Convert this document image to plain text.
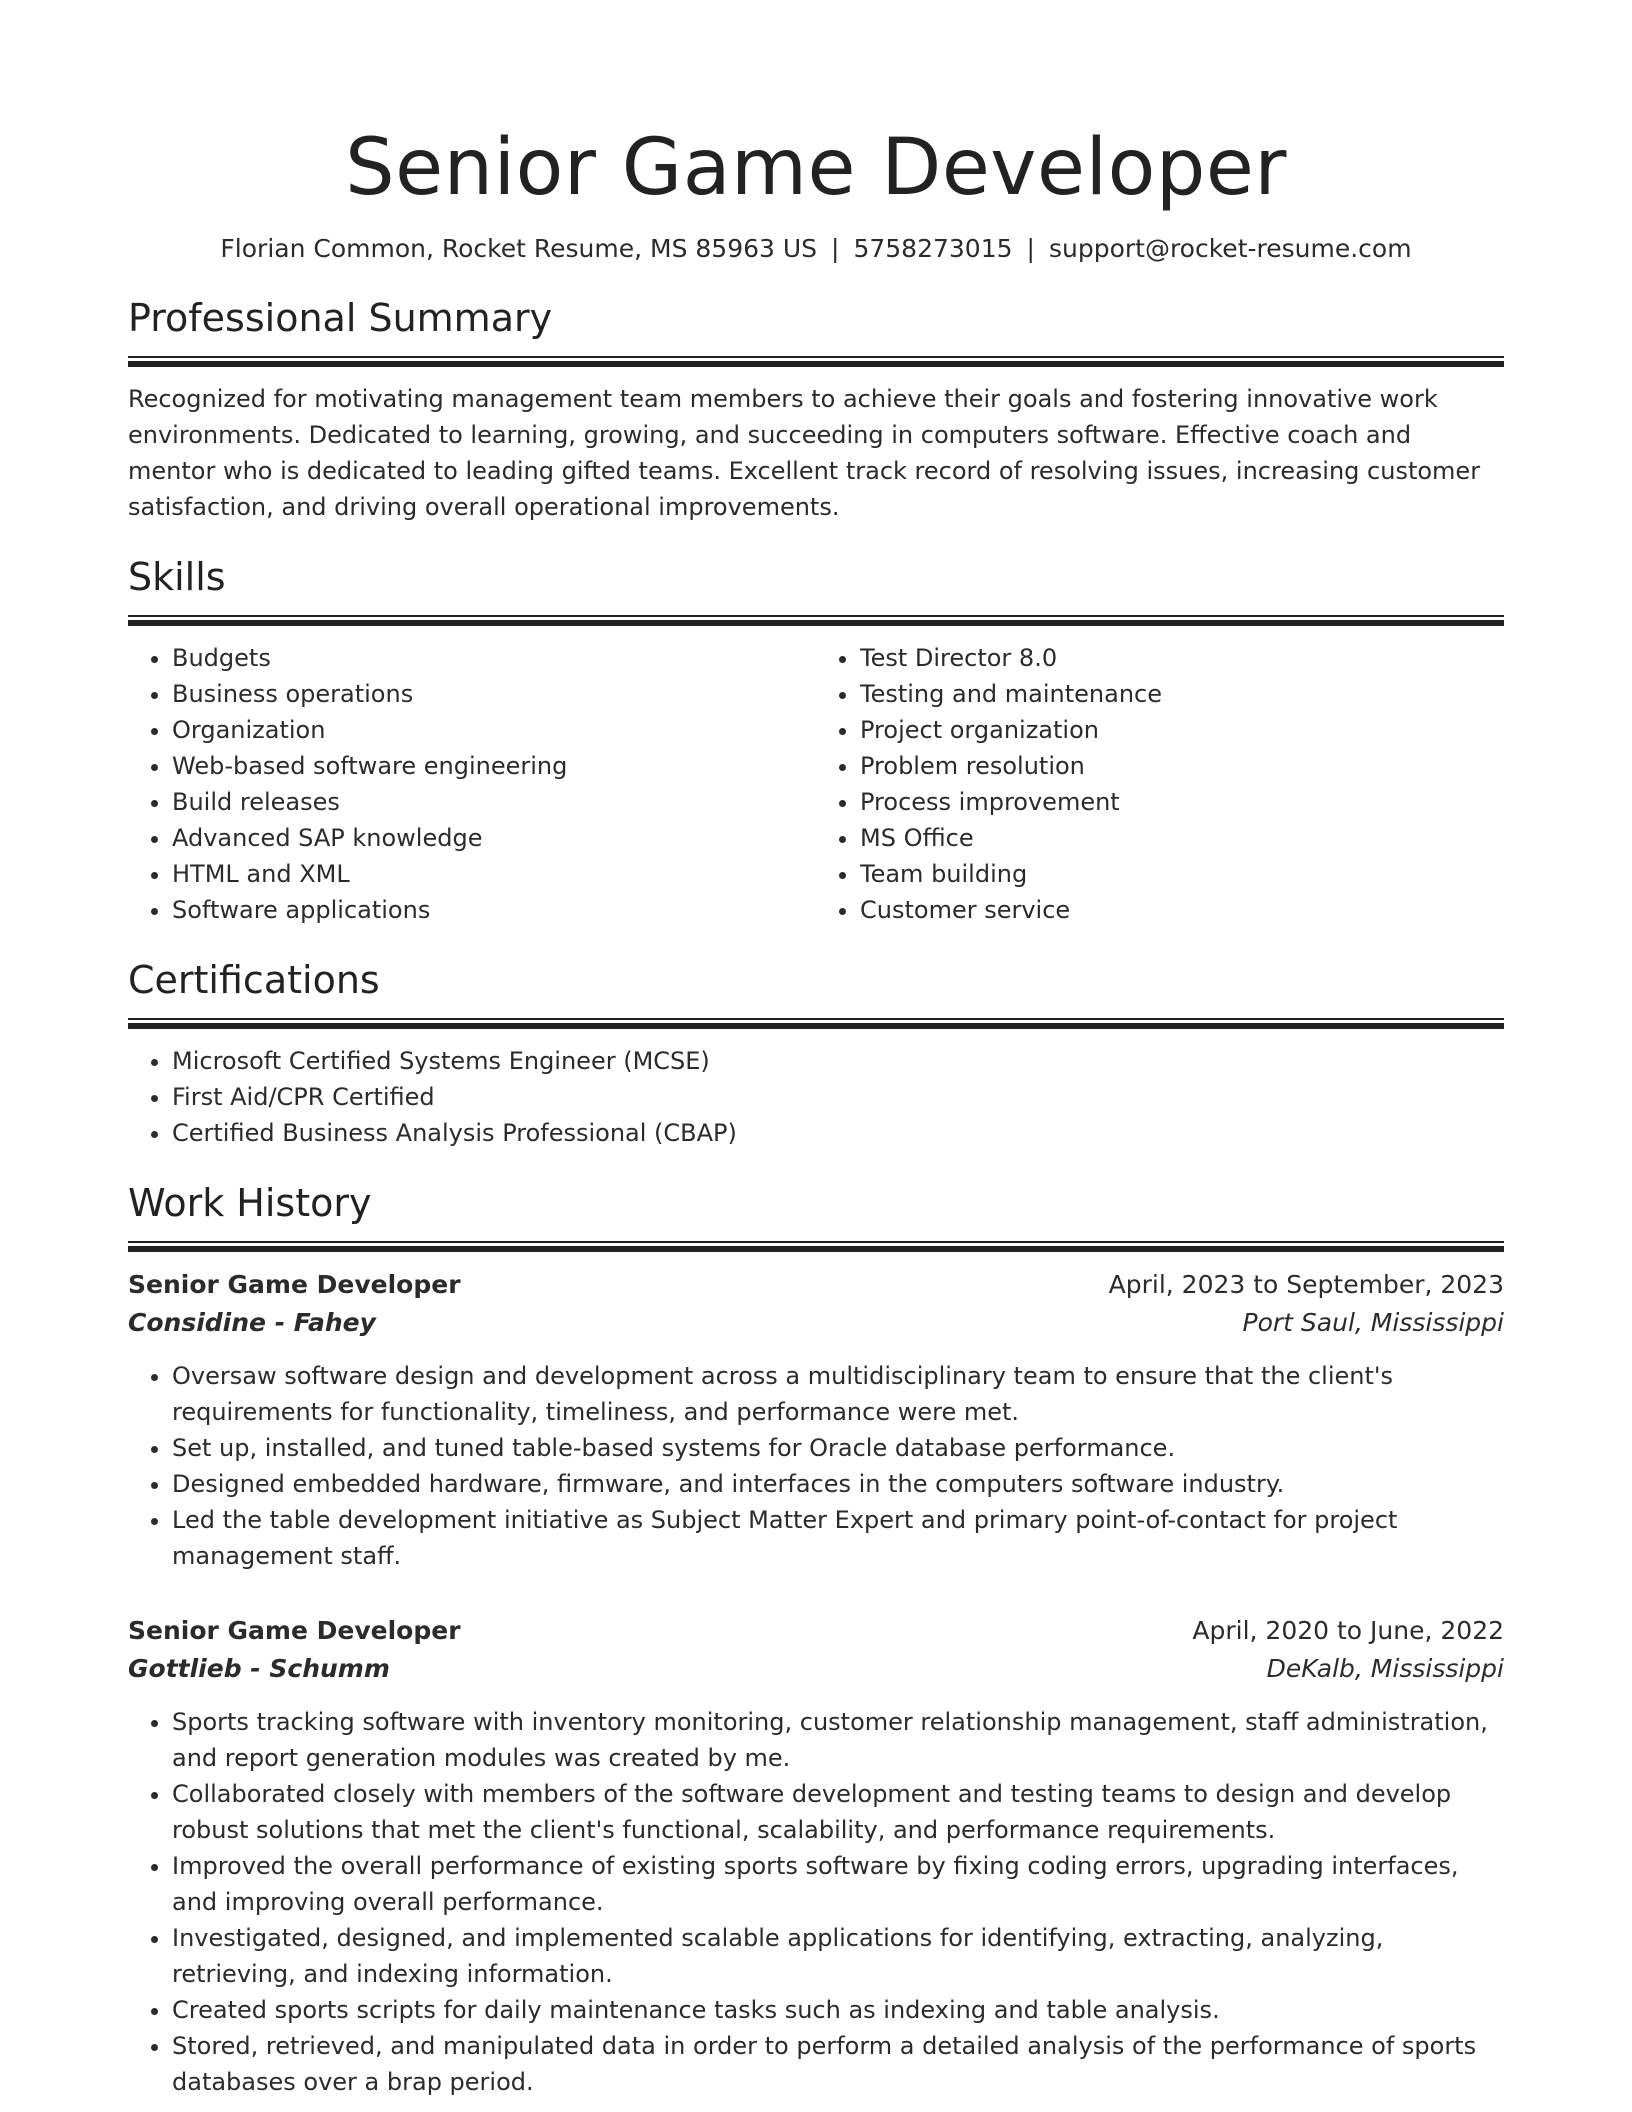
Senior Game Developer
Florian Common, Rocket Resume, MS 85963 US | 5758273015 | support@rocket-resume.com
Professional Summary

Recognized for motivating management team members to achieve their goals and fostering innovative work environments. Dedicated to learning, growing, and succeeding in computers software. Effective coach and mentor who is dedicated to leading gifted teams. Excellent track record of resolving issues, increasing customer satisfaction, and driving overall operational improvements.

Skills
• Budgets
• Business operations
• Organization
• Web-based software engineering
• Build releases
• Advanced SAP knowledge
• HTML and XML
• Software applications
• Test Director 8.0
• Testing and maintenance
• Project organization
• Problem resolution
• Process improvement
• MS Office
• Team building
• Customer service
Certifications
• Microsoft Certified Systems Engineer (MCSE)
• First Aid/CPR Certified
• Certified Business Analysis Professional (CBAP)
Work History
Senior Game Developer	April, 2023 to September, 2023
Considine - Fahey	Port Saul, Mississippi
• Oversaw software design and development across a multidisciplinary team to ensure that the client's requirements for functionality, timeliness, and performance were met.
• Set up, installed, and tuned table-based systems for Oracle database performance.
• Designed embedded hardware, firmware, and interfaces in the computers software industry.
• Led the table development initiative as Subject Matter Expert and primary point-of-contact for project management staff.
Senior Game Developer	April, 2020 to June, 2022
Gottlieb - Schumm	DeKalb, Mississippi
• Sports tracking software with inventory monitoring, customer relationship management, staff administration, and report generation modules was created by me.
• Collaborated closely with members of the software development and testing teams to design and develop robust solutions that met the client's functional, scalability, and performance requirements.
• Improved the overall performance of existing sports software by fixing coding errors, upgrading interfaces, and improving overall performance.
• Investigated, designed, and implemented scalable applications for identifying, extracting, analyzing, retrieving, and indexing information.
• Created sports scripts for daily maintenance tasks such as indexing and table analysis.
• Stored, retrieved, and manipulated data in order to perform a detailed analysis of the performance of sports databases over a brap period.
